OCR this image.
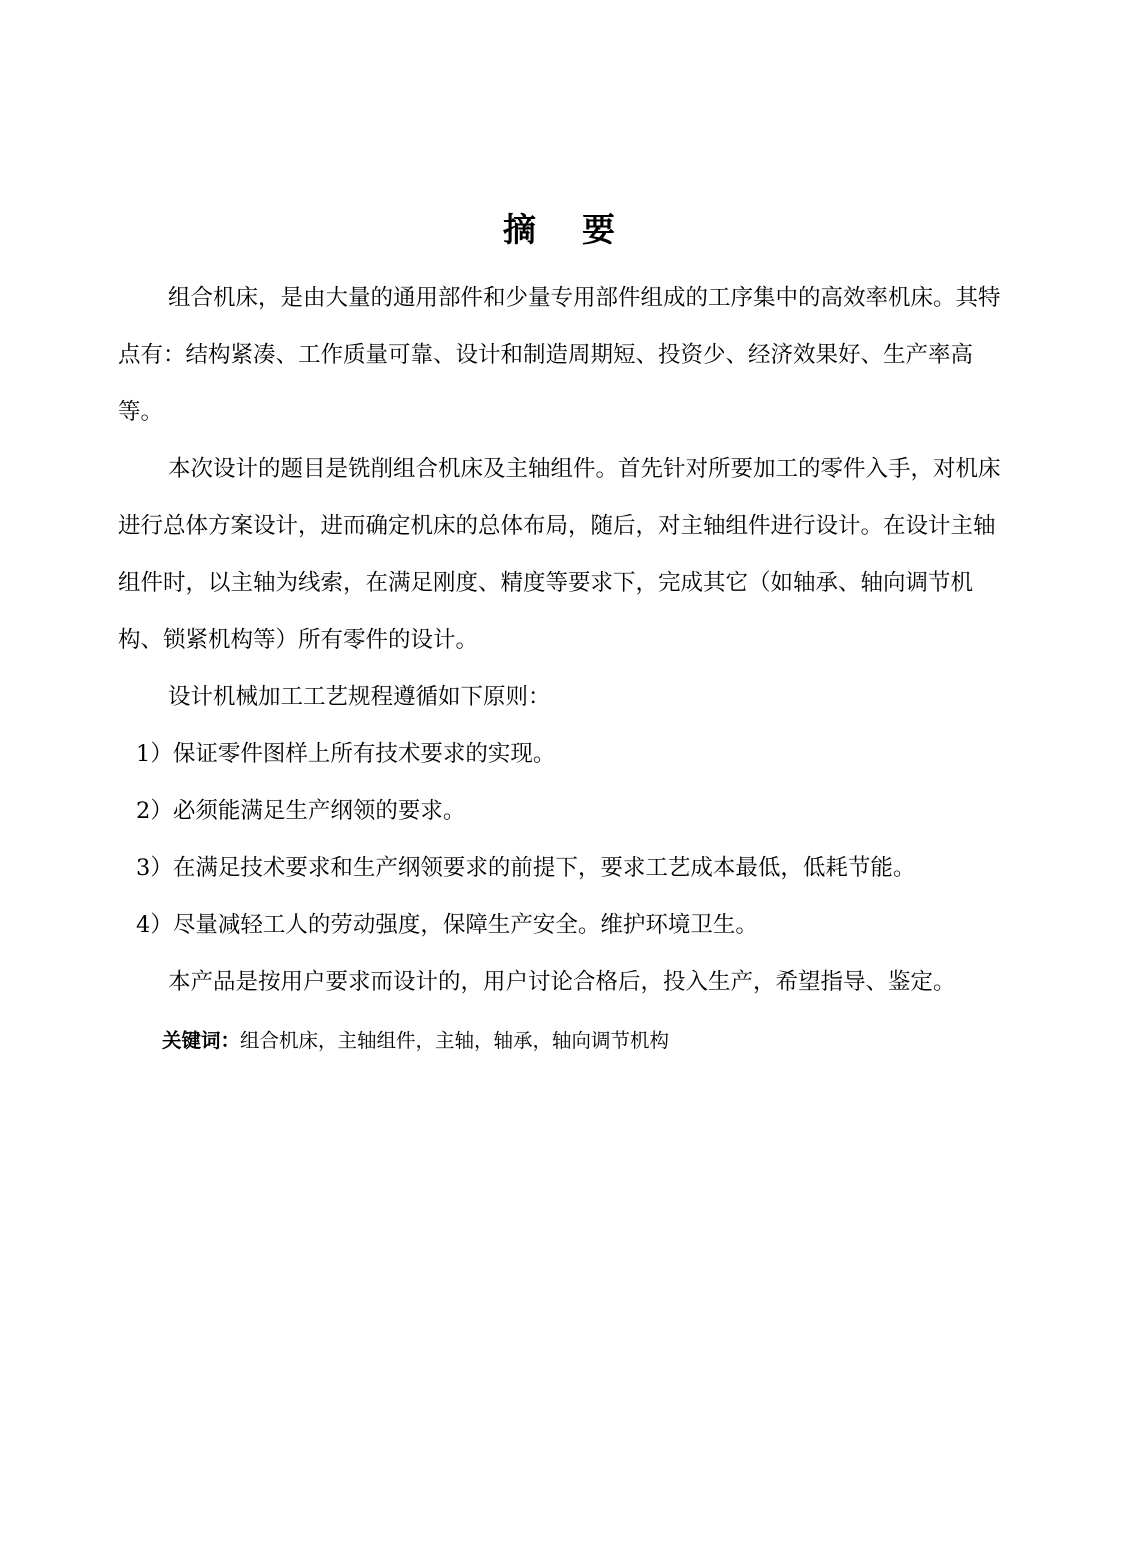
摘 要

组合机床，是由大量的通用部件和少量专用部件组成的工序集中的高效率机床。其特点有：结构紧凑、工作质量可靠、设计和制造周期短、投资少、经济效果好、生产率高等。

本次设计的题目是铣削组合机床及主轴组件。首先针对所要加工的零件入手，对机床进行总体方案设计，进而确定机床的总体布局，随后，对主轴组件进行设计。在设计主轴组件时，以主轴为线索，在满足刚度、精度等要求下，完成其它（如轴承、轴向调节机构、锁紧机构等）所有零件的设计。

设计机械加工工艺规程遵循如下原则：

1）保证零件图样上所有技术要求的实现。

2）必须能满足生产纲领的要求。

3）在满足技术要求和生产纲领要求的前提下，要求工艺成本最低，低耗节能。

4）尽量减轻工人的劳动强度，保障生产安全。维护环境卫生。

本产品是按用户要求而设计的，用户讨论合格后，投入生产，希望指导、鉴定。

关键词：组合机床，主轴组件，主轴，轴承，轴向调节机构
